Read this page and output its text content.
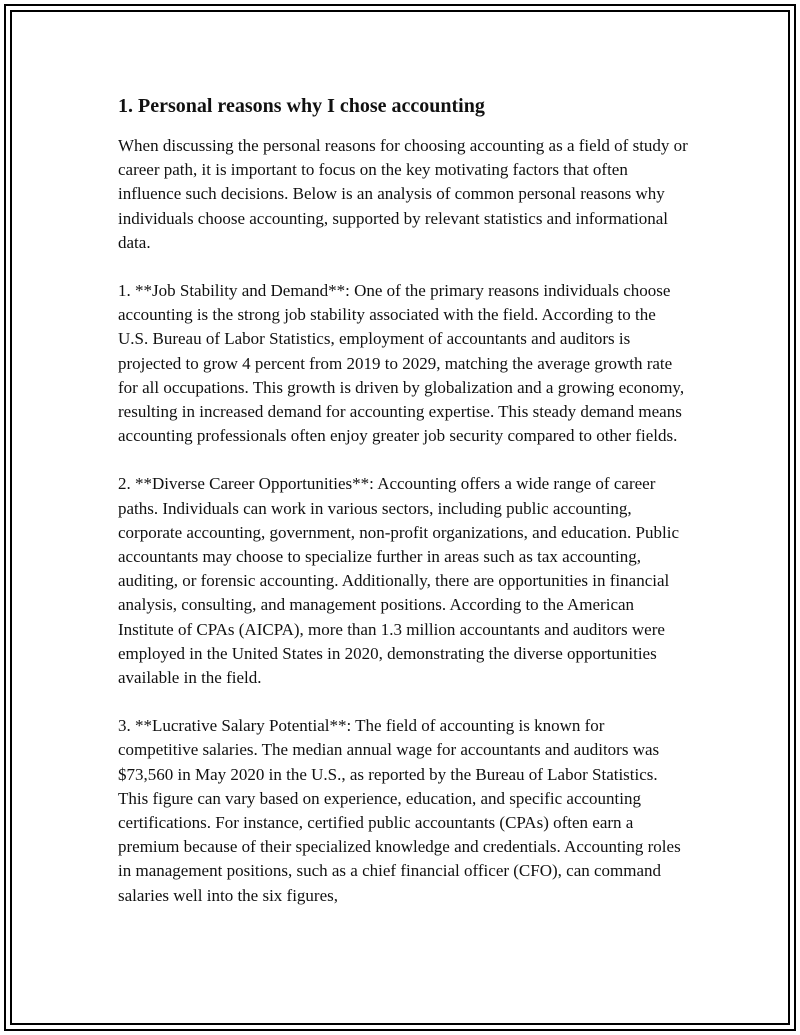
1. Personal reasons why I chose accounting

When discussing the personal reasons for choosing accounting as a field of study or career path, it is important to focus on the key motivating factors that often influence such decisions. Below is an analysis of common personal reasons why individuals choose accounting, supported by relevant statistics and informational data.

1. **Job Stability and Demand**: One of the primary reasons individuals choose accounting is the strong job stability associated with the field. According to the U.S. Bureau of Labor Statistics, employment of accountants and auditors is projected to grow 4 percent from 2019 to 2029, matching the average growth rate for all occupations. This growth is driven by globalization and a growing economy, resulting in increased demand for accounting expertise. This steady demand means accounting professionals often enjoy greater job security compared to other fields.

2. **Diverse Career Opportunities**: Accounting offers a wide range of career paths. Individuals can work in various sectors, including public accounting, corporate accounting, government, non-profit organizations, and education. Public accountants may choose to specialize further in areas such as tax accounting, auditing, or forensic accounting. Additionally, there are opportunities in financial analysis, consulting, and management positions. According to the American Institute of CPAs (AICPA), more than 1.3 million accountants and auditors were employed in the United States in 2020, demonstrating the diverse opportunities available in the field.

3. **Lucrative Salary Potential**: The field of accounting is known for competitive salaries. The median annual wage for accountants and auditors was $73,560 in May 2020 in the U.S., as reported by the Bureau of Labor Statistics. This figure can vary based on experience, education, and specific accounting certifications. For instance, certified public accountants (CPAs) often earn a premium because of their specialized knowledge and credentials. Accounting roles in management positions, such as a chief financial officer (CFO), can command salaries well into the six figures,
